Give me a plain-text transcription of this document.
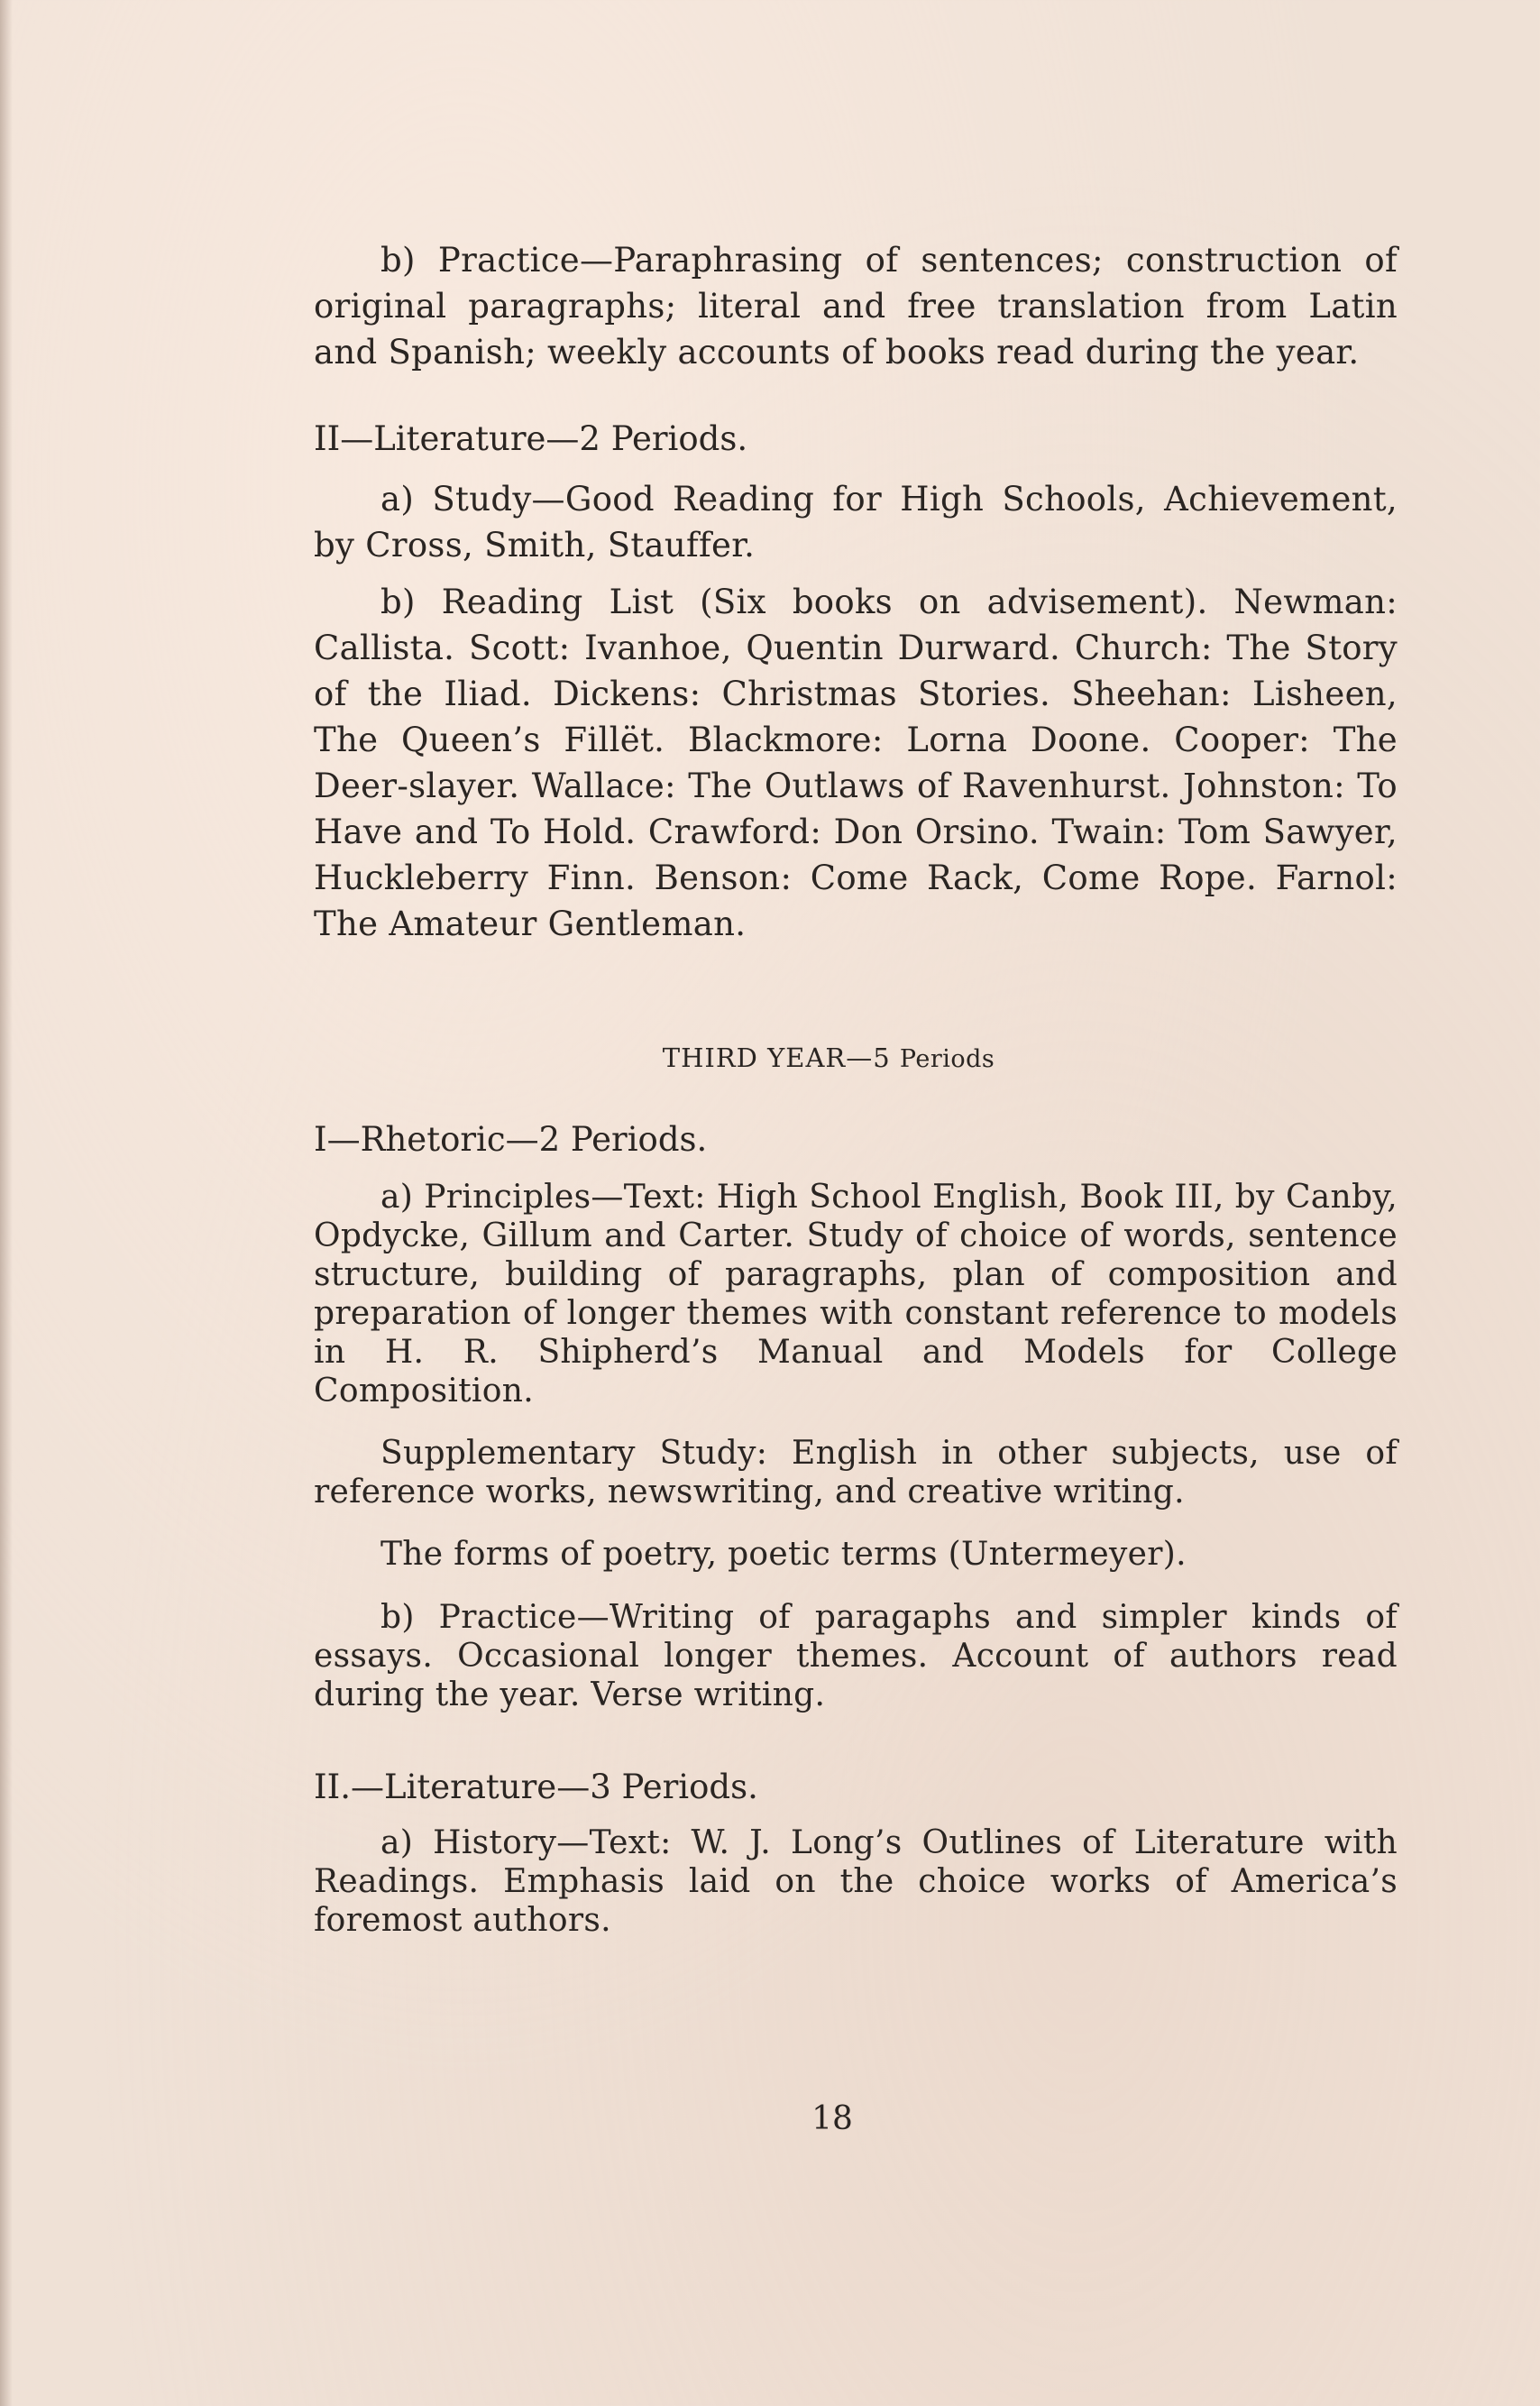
b) Practice—Paraphrasing of sentences; construction of original paragraphs; literal and free translation from Latin and Spanish; weekly accounts of books read during the year.

II—Literature—2 Periods.

a) Study—Good Reading for High Schools, Achievement, by Cross, Smith, Stauffer.

b) Reading List (Six books on advisement). Newman: Callista. Scott: Ivanhoe, Quentin Durward. Church: The Story of the Iliad. Dickens: Christmas Stories. Sheehan: Lisheen, The Queen’s Fillët. Blackmore: Lorna Doone. Cooper: The Deer-slayer. Wallace: The Outlaws of Ravenhurst. Johnston: To Have and To Hold. Crawford: Don Orsino. Twain: Tom Sawyer, Huckleberry Finn. Benson: Come Rack, Come Rope. Farnol: The Amateur Gentleman.

THIRD YEAR—5 Periods
I—Rhetoric—2 Periods.

a) Principles—Text: High School English, Book III, by Canby, Opdycke, Gillum and Carter. Study of choice of words, sentence structure, building of paragraphs, plan of composition and preparation of longer themes with constant reference to models in H. R. Shipherd’s Manual and Models for College Composition.

Supplementary Study: English in other subjects, use of reference works, newswriting, and creative writing.

The forms of poetry, poetic terms (Untermeyer).

b) Practice—Writing of paragaphs and simpler kinds of essays. Occasional longer themes. Account of authors read during the year. Verse writing.

II.—Literature—3 Periods.

a) History—Text: W. J. Long’s Outlines of Literature with Readings. Emphasis laid on the choice works of America’s foremost authors.

18
